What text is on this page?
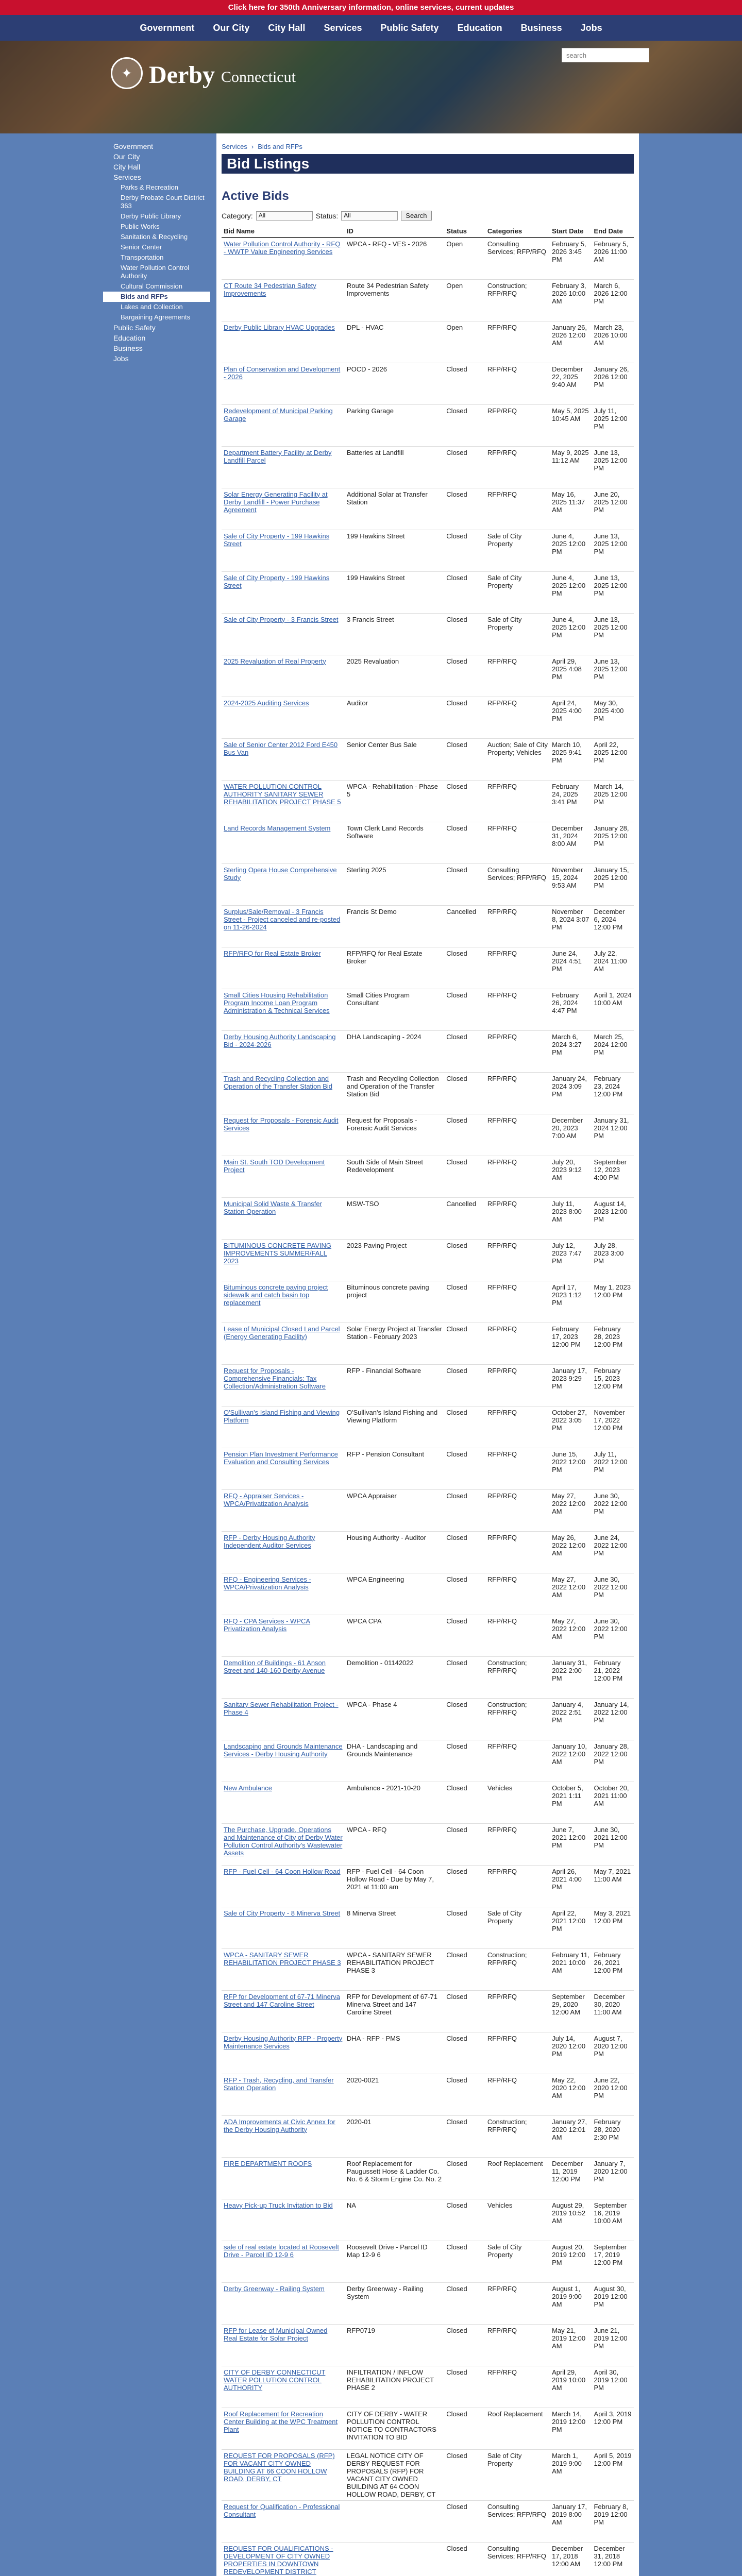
Click here for 350th Anniversary information, online services, current updates
Government Our City City Hall Services Public Safety Education Business Jobs
✦ Derby Connecticut
search
Government
Our City
City Hall
Services
Parks & Recreation
Derby Probate Court District 363
Derby Public Library
Public Works
Sanitation & Recycling
Senior Center
Transportation
Water Pollution Control Authority
Cultural Commission
Bids and RFPs
Lakes and Collection
Bargaining Agreements
Public Safety
Education
Business
Jobs
Services › Bids and RFPs
Bid Listings
Active Bids
Category: All	Status: All	Search
Bid Name	ID	Status	Categories	Start Date	End Date
Water Pollution Control Authority - RFQ - WWTP Value Engineering Services	WPCA - RFQ - VES - 2026	Open	Consulting Services; RFP/RFQ	February 5, 2026 3:45 PM	February 5, 2026 11:00 AM
CT Route 34 Pedestrian Safety Improvements	Route 34 Pedestrian Safety Improvements	Open	Construction; RFP/RFQ	February 3, 2026 10:00 AM	March 6, 2026 12:00 PM
Derby Public Library HVAC Upgrades	DPL - HVAC	Open	RFP/RFQ	January 26, 2026 12:00 AM	March 23, 2026 10:00 AM
Plan of Conservation and Development - 2026	POCD - 2026	Closed	RFP/RFQ	December 22, 2025 9:40 AM	January 26, 2026 12:00 PM
Redevelopment of Municipal Parking Garage	Parking Garage	Closed	RFP/RFQ	May 5, 2025 10:45 AM	July 11, 2025 12:00 PM
Department Battery Facility at Derby Landfill Parcel	Batteries at Landfill	Closed	RFP/RFQ	May 9, 2025 11:12 AM	June 13, 2025 12:00 PM
Solar Energy Generating Facility at Derby Landfill - Power Purchase Agreement	Additional Solar at Transfer Station	Closed	RFP/RFQ	May 16, 2025 11:37 AM	June 20, 2025 12:00 PM
Sale of City Property - 199 Hawkins Street	199 Hawkins Street	Closed	Sale of City Property	June 4, 2025 12:00 PM	June 13, 2025 12:00 PM
Sale of City Property - 199 Hawkins Street	199 Hawkins Street	Closed	Sale of City Property	June 4, 2025 12:00 PM	June 13, 2025 12:00 PM
Sale of City Property - 3 Francis Street	3 Francis Street	Closed	Sale of City Property	June 4, 2025 12:00 PM	June 13, 2025 12:00 PM
2025 Revaluation of Real Property	2025 Revaluation	Closed	RFP/RFQ	April 29, 2025 4:08 PM	June 13, 2025 12:00 PM
2024-2025 Auditing Services	Auditor	Closed	RFP/RFQ	April 24, 2025 4:00 PM	May 30, 2025 4:00 PM
Sale of Senior Center 2012 Ford E450 Bus Van	Senior Center Bus Sale	Closed	Auction; Sale of City Property; Vehicles	March 10, 2025 9:41 PM	April 22, 2025 12:00 PM
WATER POLLUTION CONTROL AUTHORITY SANITARY SEWER REHABILITATION PROJECT PHASE 5	WPCA - Rehabilitation - Phase 5	Closed	RFP/RFQ	February 24, 2025 3:41 PM	March 14, 2025 12:00 PM
Land Records Management System	Town Clerk Land Records Software	Closed	RFP/RFQ	December 31, 2024 8:00 AM	January 28, 2025 12:00 PM
Sterling Opera House Comprehensive Study	Sterling 2025	Closed	Consulting Services; RFP/RFQ	November 15, 2024 9:53 AM	January 15, 2025 12:00 PM
Surplus/Sale/Removal - 3 Francis Street - Project canceled and re-posted on 11-26-2024	Francis St Demo	Cancelled	RFP/RFQ	November 8, 2024 3:07 PM	December 6, 2024 12:00 PM
RFP/RFQ for Real Estate Broker	RFP/RFQ for Real Estate Broker	Closed	RFP/RFQ	June 24, 2024 4:51 PM	July 22, 2024 11:00 AM
Small Cities Housing Rehabilitation Program Income Loan Program Administration & Technical Services	Small Cities Program Consultant	Closed	RFP/RFQ	February 26, 2024 4:47 PM	April 1, 2024 10:00 AM
Derby Housing Authority Landscaping Bid - 2024-2026	DHA Landscaping - 2024	Closed	RFP/RFQ	March 6, 2024 3:27 PM	March 25, 2024 12:00 PM
Trash and Recycling Collection and Operation of the Transfer Station Bid	Trash and Recycling Collection and Operation of the Transfer Station Bid	Closed	RFP/RFQ	January 24, 2024 3:09 PM	February 23, 2024 12:00 PM
Request for Proposals - Forensic Audit Services	Request for Proposals - Forensic Audit Services	Closed	RFP/RFQ	December 20, 2023 7:00 AM	January 31, 2024 12:00 PM
Main St. South TOD Development Project	South Side of Main Street Redevelopment	Closed	RFP/RFQ	July 20, 2023 9:12 AM	September 12, 2023 4:00 PM
Municipal Solid Waste & Transfer Station Operation	MSW-TSO	Cancelled	RFP/RFQ	July 11, 2023 8:00 AM	August 14, 2023 12:00 PM
BITUMINOUS CONCRETE PAVING IMPROVEMENTS SUMMER/FALL 2023	2023 Paving Project	Closed	RFP/RFQ	July 12, 2023 7:47 PM	July 28, 2023 3:00 PM
Bituminous concrete paving project sidewalk and catch basin top replacement	Bituminous concrete paving project	Closed	RFP/RFQ	April 17, 2023 1:12 PM	May 1, 2023 12:00 PM
Lease of Municipal Closed Land Parcel (Energy Generating Facility)	Solar Energy Project at Transfer Station - February 2023	Closed	RFP/RFQ	February 17, 2023 12:00 PM	February 28, 2023 12:00 PM
Request for Proposals - Comprehensive Financials: Tax Collection/Administration Software	RFP - Financial Software	Closed	RFP/RFQ	January 17, 2023 9:29 PM	February 15, 2023 12:00 PM
O'Sullivan's Island Fishing and Viewing Platform	O'Sullivan's Island Fishing and Viewing Platform	Closed	RFP/RFQ	October 27, 2022 3:05 PM	November 17, 2022 12:00 PM
Pension Plan Investment Performance Evaluation and Consulting Services	RFP - Pension Consultant	Closed	RFP/RFQ	June 15, 2022 12:00 PM	July 11, 2022 12:00 PM
RFQ - Appraiser Services - WPCA/Privatization Analysis	WPCA Appraiser	Closed	RFP/RFQ	May 27, 2022 12:00 AM	June 30, 2022 12:00 PM
RFP - Derby Housing Authority Independent Auditor Services	Housing Authority - Auditor	Closed	RFP/RFQ	May 26, 2022 12:00 AM	June 24, 2022 12:00 PM
RFQ - Engineering Services - WPCA/Privatization Analysis	WPCA Engineering	Closed	RFP/RFQ	May 27, 2022 12:00 AM	June 30, 2022 12:00 PM
RFQ - CPA Services - WPCA Privatization Analysis	WPCA CPA	Closed	RFP/RFQ	May 27, 2022 12:00 AM	June 30, 2022 12:00 PM
Demolition of Buildings - 61 Anson Street and 140-160 Derby Avenue	Demolition - 01142022	Closed	Construction; RFP/RFQ	January 31, 2022 2:00 PM	February 21, 2022 12:00 PM
Sanitary Sewer Rehabilitation Project - Phase 4	WPCA - Phase 4	Closed	Construction; RFP/RFQ	January 4, 2022 2:51 PM	January 14, 2022 12:00 PM
Landscaping and Grounds Maintenance Services - Derby Housing Authority	DHA - Landscaping and Grounds Maintenance	Closed	RFP/RFQ	January 10, 2022 12:00 AM	January 28, 2022 12:00 PM
New Ambulance	Ambulance - 2021-10-20	Closed	Vehicles	October 5, 2021 1:11 PM	October 20, 2021 11:00 AM
The Purchase, Upgrade, Operations and Maintenance of City of Derby Water Pollution Control Authority's Wastewater Assets	WPCA - RFQ	Closed	RFP/RFQ	June 7, 2021 12:00 PM	June 30, 2021 12:00 PM
RFP - Fuel Cell - 64 Coon Hollow Road	RFP - Fuel Cell - 64 Coon Hollow Road - Due by May 7, 2021 at 11:00 am	Closed	RFP/RFQ	April 26, 2021 4:00 PM	May 7, 2021 11:00 AM
Sale of City Property - 8 Minerva Street	8 Minerva Street	Closed	Sale of City Property	April 22, 2021 12:00 PM	May 3, 2021 12:00 PM
WPCA - SANITARY SEWER REHABILITATION PROJECT PHASE 3	WPCA - SANITARY SEWER REHABILITATION PROJECT PHASE 3	Closed	Construction; RFP/RFQ	February 11, 2021 10:00 AM	February 26, 2021 12:00 PM
RFP for Development of 67-71 Minerva Street and 147 Caroline Street	RFP for Development of 67-71 Minerva Street and 147 Caroline Street	Closed	RFP/RFQ	September 29, 2020 12:00 AM	December 30, 2020 11:00 AM
Derby Housing Authority RFP - Property Maintenance Services	DHA - RFP - PMS	Closed	RFP/RFQ	July 14, 2020 12:00 PM	August 7, 2020 12:00 PM
RFP - Trash, Recycling, and Transfer Station Operation	2020-0021	Closed	RFP/RFQ	May 22, 2020 12:00 AM	June 22, 2020 12:00 PM
ADA Improvements at Civic Annex for the Derby Housing Authority	2020-01	Closed	Construction; RFP/RFQ	January 27, 2020 12:01 AM	February 28, 2020 2:30 PM
FIRE DEPARTMENT ROOFS	Roof Replacement for Paugussett Hose & Ladder Co. No. 6 & Storm Engine Co. No. 2	Closed	Roof Replacement	December 11, 2019 12:00 PM	January 7, 2020 12:00 PM
Heavy Pick-up Truck Invitation to Bid	NA	Closed	Vehicles	August 29, 2019 10:52 AM	September 16, 2019 10:00 AM
sale of real estate located at Roosevelt Drive - Parcel ID 12-9 6	Roosevelt Drive - Parcel ID Map 12-9 6	Closed	Sale of City Property	August 20, 2019 12:00 PM	September 17, 2019 12:00 PM
Derby Greenway - Railing System	Derby Greenway - Railing System	Closed	RFP/RFQ	August 1, 2019 9:00 AM	August 30, 2019 12:00 PM
RFP for Lease of Municipal Owned Real Estate for Solar Project	RFP0719	Closed	RFP/RFQ	May 21, 2019 12:00 AM	June 21, 2019 12:00 PM
CITY OF DERBY CONNECTICUT WATER POLLUTION CONTROL AUTHORITY	INFILTRATION / INFLOW REHABILITATION PROJECT PHASE 2	Closed	RFP/RFQ	April 29, 2019 10:00 AM	April 30, 2019 12:00 PM
Roof Replacement for Recreation Center Building at the WPC Treatment Plant	CITY OF DERBY - WATER POLLUTION CONTROL NOTICE TO CONTRACTORS INVITATION TO BID	Closed	Roof Replacement	March 14, 2019 12:00 PM	April 3, 2019 12:00 PM
REQUEST FOR PROPOSALS (RFP) FOR VACANT CITY OWNED BUILDING AT 66 COON HOLLOW ROAD, DERBY, CT	LEGAL NOTICE CITY OF DERBY REQUEST FOR PROPOSALS (RFP) FOR VACANT CITY OWNED BUILDING AT 64 COON HOLLOW ROAD, DERBY, CT	Closed	Sale of City Property	March 1, 2019 9:00 AM	April 5, 2019 12:00 PM
Request for Qualification - Professional Consultant		Closed	Consulting Services; RFP/RFQ	January 17, 2019 8:00 AM	February 8, 2019 12:00 PM
REQUEST FOR QUALIFICATIONS - DEVELOPMENT OF CITY OWNED PROPERTIES IN DOWNTOWN REDEVELOPMENT DISTRICT		Closed	Consulting Services; RFP/RFQ	December 17, 2018 12:00 AM	December 31, 2018 12:00 PM
